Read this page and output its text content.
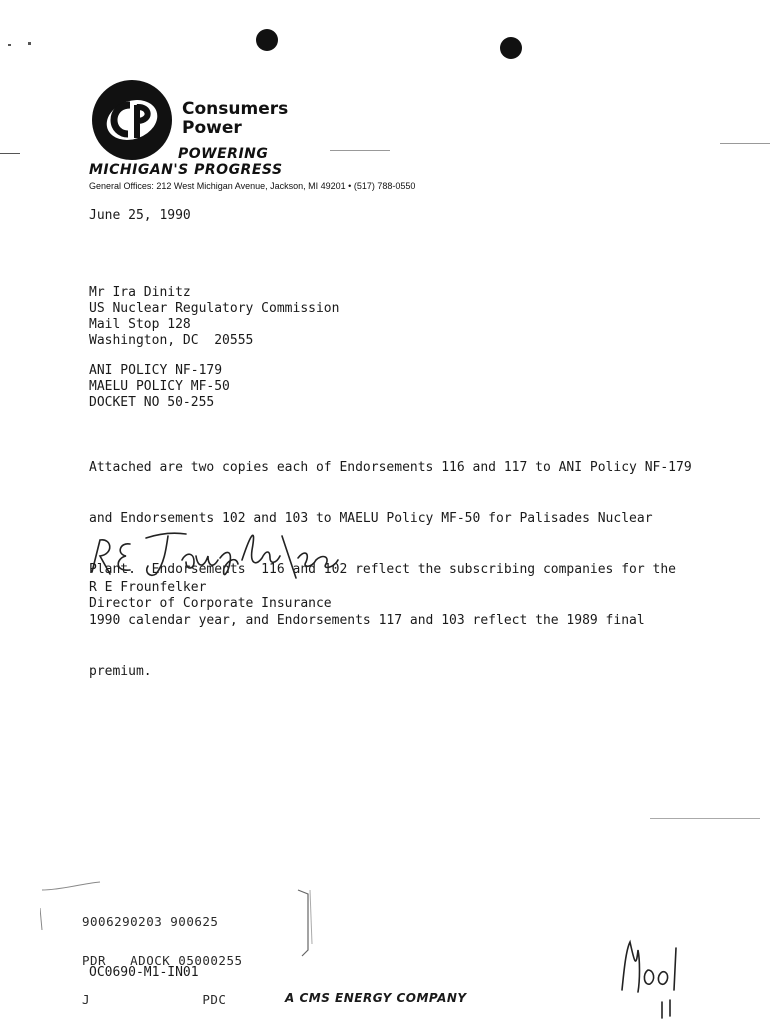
Consumers
Power
POWERING
MICHIGAN'S PROGRESS
General Offices: 212 West Michigan Avenue, Jackson, MI 49201 • (517) 788-0550
June 25, 1990
Mr Ira Dinitz
US Nuclear Regulatory Commission
Mail Stop 128
Washington, DC  20555
ANI POLICY NF-179
MAELU POLICY MF-50
DOCKET NO 50-255

Attached are two copies each of Endorsements 116 and 117 to ANI Policy NF-179

and Endorsements 102 and 103 to MAELU Policy MF-50 for Palisades Nuclear

Plant.  Endorsements  116 and 102 reflect the subscribing companies for the

1990 calendar year, and Endorsements 117 and 103 reflect the 1989 final

premium.

R E Frounfelker
Director of Corporate Insurance

9006290203 900625

PDR   ADOCK 05000255

J              PDC

OC0690-M1-IN01
A CMS ENERGY COMPANY
